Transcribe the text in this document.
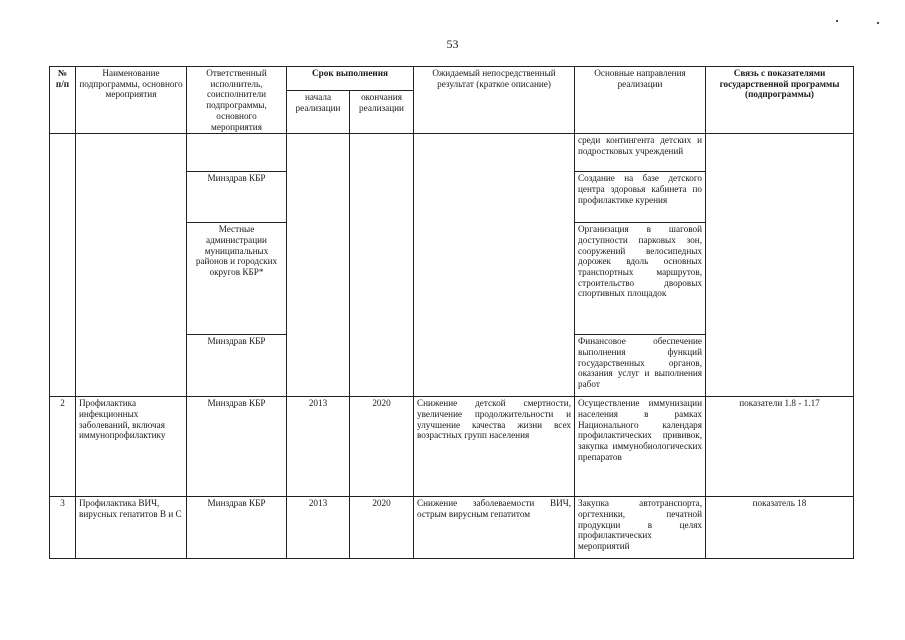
53
№ п/п	Наименование подпрограммы, основного мероприятия	Ответственный исполнитель, соисполнители подпрограммы, основного мероприятия	Срок выполнения		Ожидаемый непосредственный результат (краткое описание)	Основные направления реализации	Связь с показателями государственной программы (подпрограммы)
			начала реализации	окончания реализации			
						среди контингента детских и подростковых учреждений	
		Минздрав КБР				Создание на базе детского центра здоровья кабинета по профилактике курения	
		Местные администрации муниципальных районов и городских округов КБР*				Организация в шаговой доступности парковых зон, сооружений велосипедных дорожек вдоль основных транспортных маршрутов, строительство дворовых спортивных площадок	
		Минздрав КБР				Финансовое обеспечение выполнения функций государственных органов, оказания услуг и выполнения работ	
2	Профилактика инфекционных заболеваний, включая иммунопрофилактику	Минздрав КБР	2013	2020	Снижение детской смертности, увеличение продолжительности и улучшение качества жизни всех возрастных групп населения	Осуществление иммунизации населения в рамках Национального календаря профилактических прививок, закупка иммунобиологических препаратов	показатели 1.8 - 1.17
3	Профилактика ВИЧ, вирусных гепатитов В и С	Минздрав КБР	2013	2020	Снижение заболеваемости ВИЧ, острым вирусным гепатитом	Закупка автотранспорта, оргтехники, печатной продукции в целях профилактических мероприятий	показатель 18
